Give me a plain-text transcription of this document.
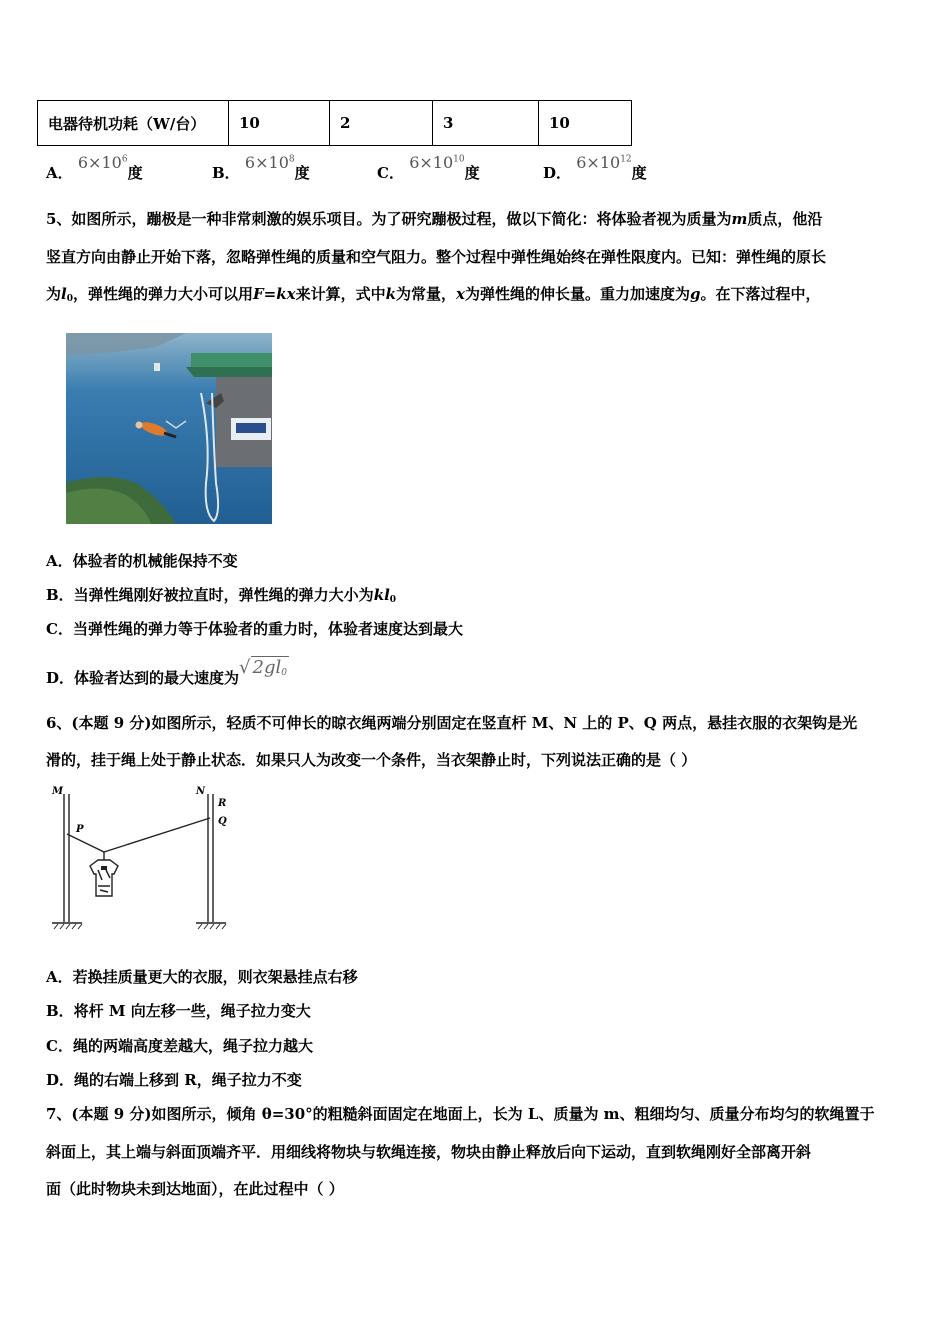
电器待机功耗（W/台）	10	2	3	10
A． $6\times 10^6$度	B． $6\times 10^8$度	C． $6\times 10^{10}$度	D． $6\times 10^{12}$度
5、如图所示，蹦极是一种非常刺激的娱乐项目。为了研究蹦极过程，做以下简化：将体验者视为质量为m质点，他沿
竖直方向由静止开始下落，忽略弹性绳的质量和空气阻力。整个过程中弹性绳始终在弹性限度内。已知：弹性绳的原长
为$l_0$，弹性绳的弹力大小可以用F=kx来计算，式中k为常量，x为弹性绳的伸长量。重力加速度为g。在下落过程中，
A．体验者的机械能保持不变
B．当弹性绳刚好被拉直时，弹性绳的弹力大小为$kl_0$
C．当弹性绳的弹力等于体验者的重力时，体验者速度达到最大
D．体验者达到的最大速度为√ $2gl_0$
6、(本题 9 分)如图所示，轻质不可伸长的晾衣绳两端分别固定在竖直杆 M、N 上的 P、Q 两点，悬挂衣服的衣架钩是光
滑的，挂于绳上处于静止状态．如果只人为改变一个条件，当衣架静止时，下列说法正确的是（ ）
M
P
N
R
Q
A．若换挂质量更大的衣服，则衣架悬挂点右移
B．将杆 M 向左移一些，绳子拉力变大
C．绳的两端高度差越大，绳子拉力越大
D．绳的右端上移到 R，绳子拉力不变
7、(本题 9 分)如图所示，倾角 θ=30°的粗糙斜面固定在地面上，长为 L、质量为 m、粗细均匀、质量分布均匀的软绳置于
斜面上，其上端与斜面顶端齐平．用细线将物块与软绳连接，物块由静止释放后向下运动，直到软绳刚好全部离开斜
面（此时物块未到达地面），在此过程中（ ）
